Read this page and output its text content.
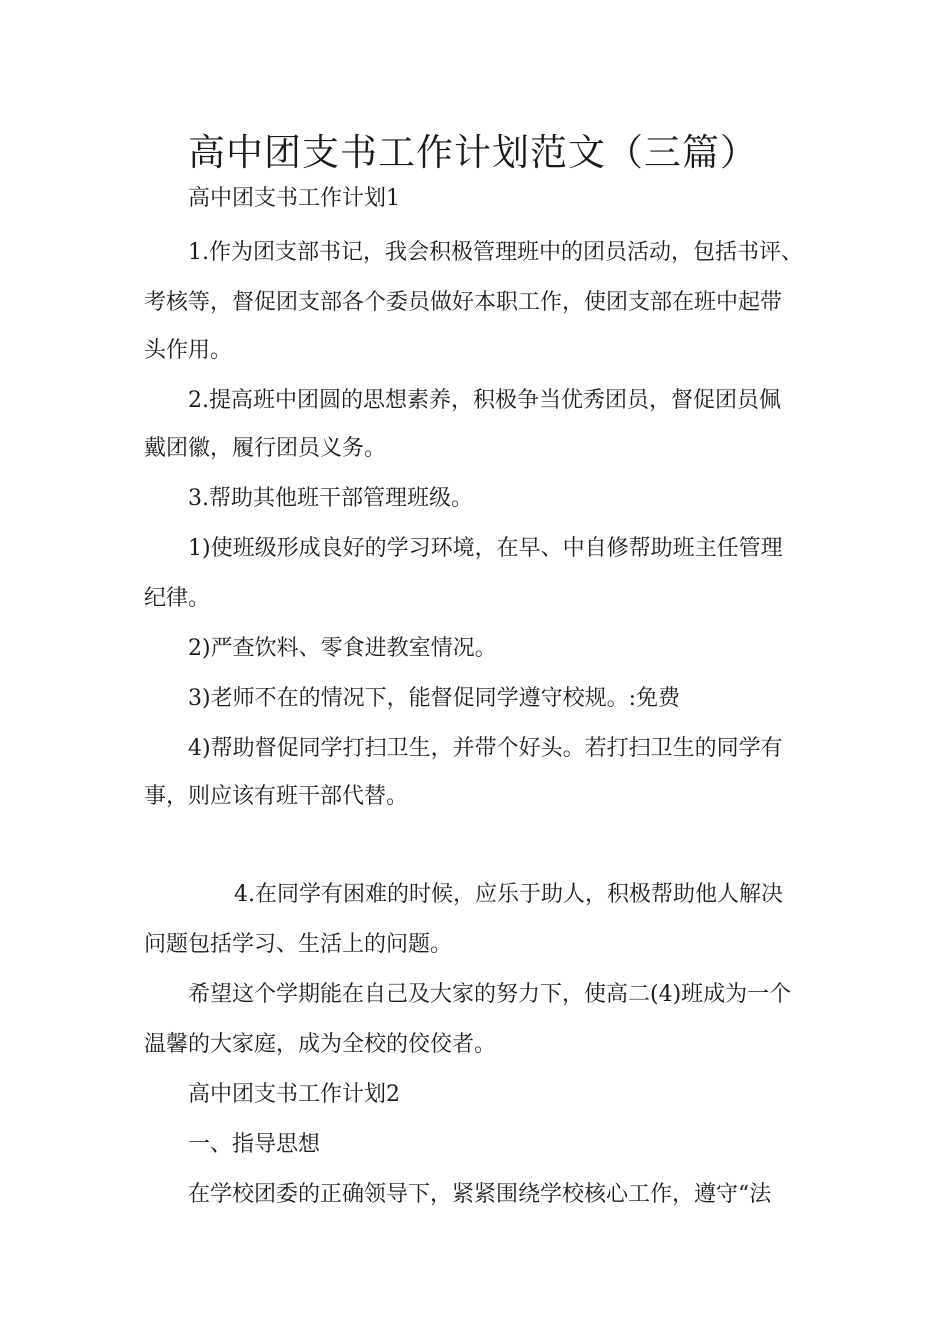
高中团支书工作计划范文（三篇）
高中团支书工作计划1
1.作为团支部书记，我会积极管理班中的团员活动，包括书评、
考核等，督促团支部各个委员做好本职工作，使团支部在班中起带
头作用。
2.提高班中团圆的思想素养，积极争当优秀团员，督促团员佩
戴团徽，履行团员义务。
3.帮助其他班干部管理班级。
1)使班级形成良好的学习环境，在早、中自修帮助班主任管理
纪律。
2)严查饮料、零食进教室情况。
3)老师不在的情况下，能督促同学遵守校规。:免费
4)帮助督促同学打扫卫生，并带个好头。若打扫卫生的同学有
事，则应该有班干部代替。
4.在同学有困难的时候，应乐于助人，积极帮助他人解决
问题包括学习、生活上的问题。
希望这个学期能在自己及大家的努力下，使高二(4)班成为一个
温馨的大家庭，成为全校的佼佼者。
高中团支书工作计划2
一、指导思想
在学校团委的正确领导下，紧紧围绕学校核心工作，遵守“法
